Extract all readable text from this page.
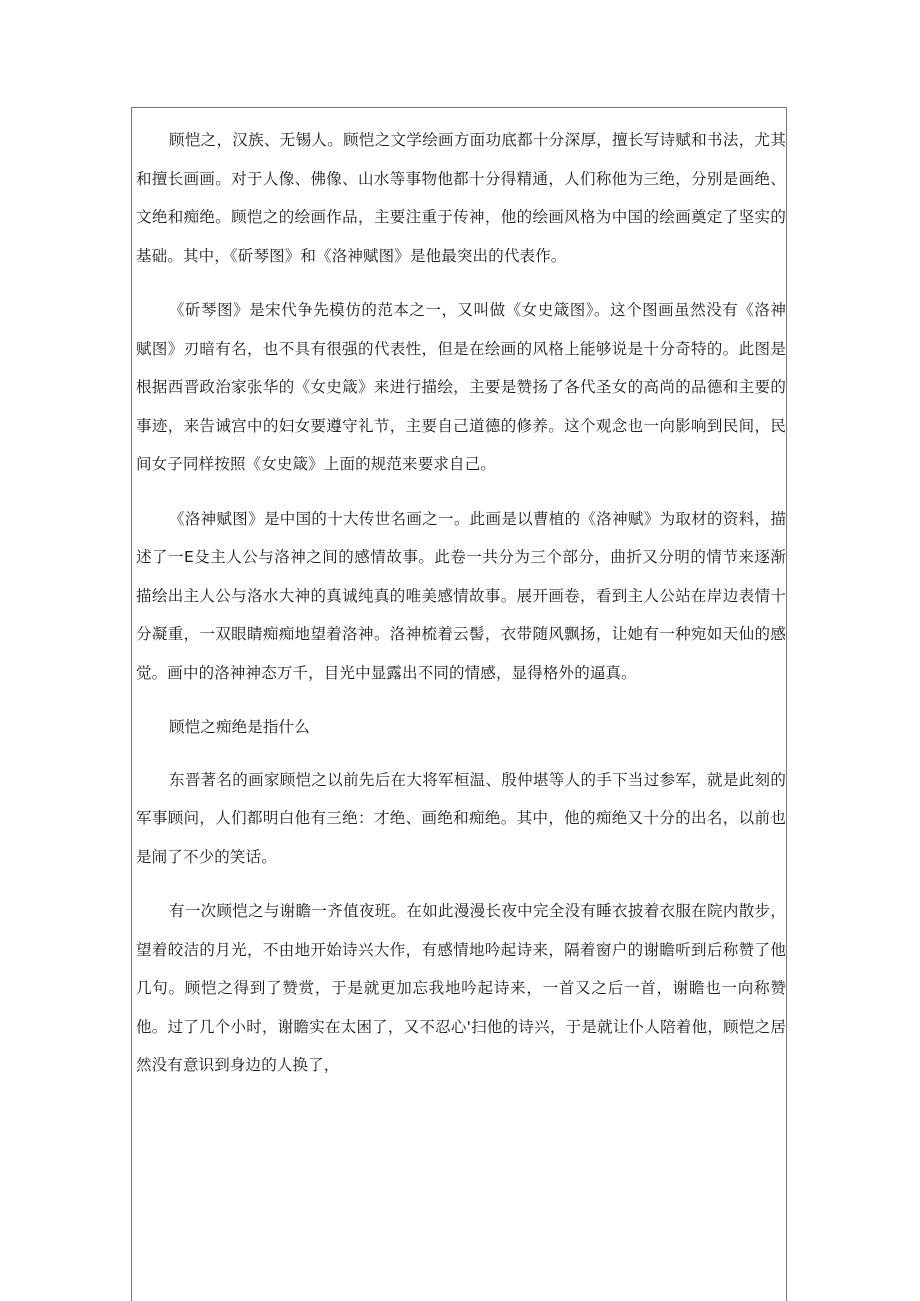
顾恺之，汉族、无锡人。顾恺之文学绘画方面功底都十分深厚，擅长写诗赋和书法，尤其和擅长画画。对于人像、佛像、山水等事物他都十分得精通，人们称他为三绝，分别是画绝、文绝和痴绝。顾恺之的绘画作品，主要注重于传神，他的绘画风格为中国的绘画奠定了坚实的基础。其中，《斫琴图》和《洛神赋图》是他最突出的代表作。

《斫琴图》是宋代争先模仿的范本之一，又叫做《女史箴图》。这个图画虽然没有《洛神赋图》刃暗有名，也不具有很强的代表性，但是在绘画的风格上能够说是十分奇特的。此图是根据西晋政治家张华的《女史箴》来进行描绘，主要是赞扬了各代圣女的高尚的品德和主要的事迹，来告诫宫中的妇女要遵守礼节，主要自己道德的修养。这个观念也一向影响到民间，民间女子同样按照《女史箴》上面的规范来要求自己。

《洛神赋图》是中国的十大传世名画之一。此画是以曹植的《洛神赋》为取材的资料，描述了一E殳主人公与洛神之间的感情故事。此卷一共分为三个部分，曲折又分明的情节来逐渐描绘出主人公与洛水大神的真诚纯真的唯美感情故事。展开画卷，看到主人公站在岸边表情十分凝重，一双眼睛痴痴地望着洛神。洛神梳着云髻，衣带随风飘扬，让她有一种宛如天仙的感觉。画中的洛神神态万千，目光中显露出不同的情感，显得格外的逼真。

顾恺之痴绝是指什么

东晋著名的画家顾恺之以前先后在大将军桓温、殷仲堪等人的手下当过参军，就是此刻的军事顾问，人们都明白他有三绝：才绝、画绝和痴绝。其中，他的痴绝又十分的出名，以前也是闹了不少的笑话。

有一次顾恺之与谢瞻一齐值夜班。在如此漫漫长夜中完全没有睡衣披着衣服在院内散步，望着皎洁的月光，不由地开始诗兴大作，有感情地吟起诗来，隔着窗户的谢瞻听到后称赞了他几句。顾恺之得到了赞赏，于是就更加忘我地吟起诗来，一首又之后一首，谢瞻也一向称赞他。过了几个小时，谢瞻实在太困了，又不忍心'扫他的诗兴，于是就让仆人陪着他，顾恺之居然没有意识到身边的人换了，
